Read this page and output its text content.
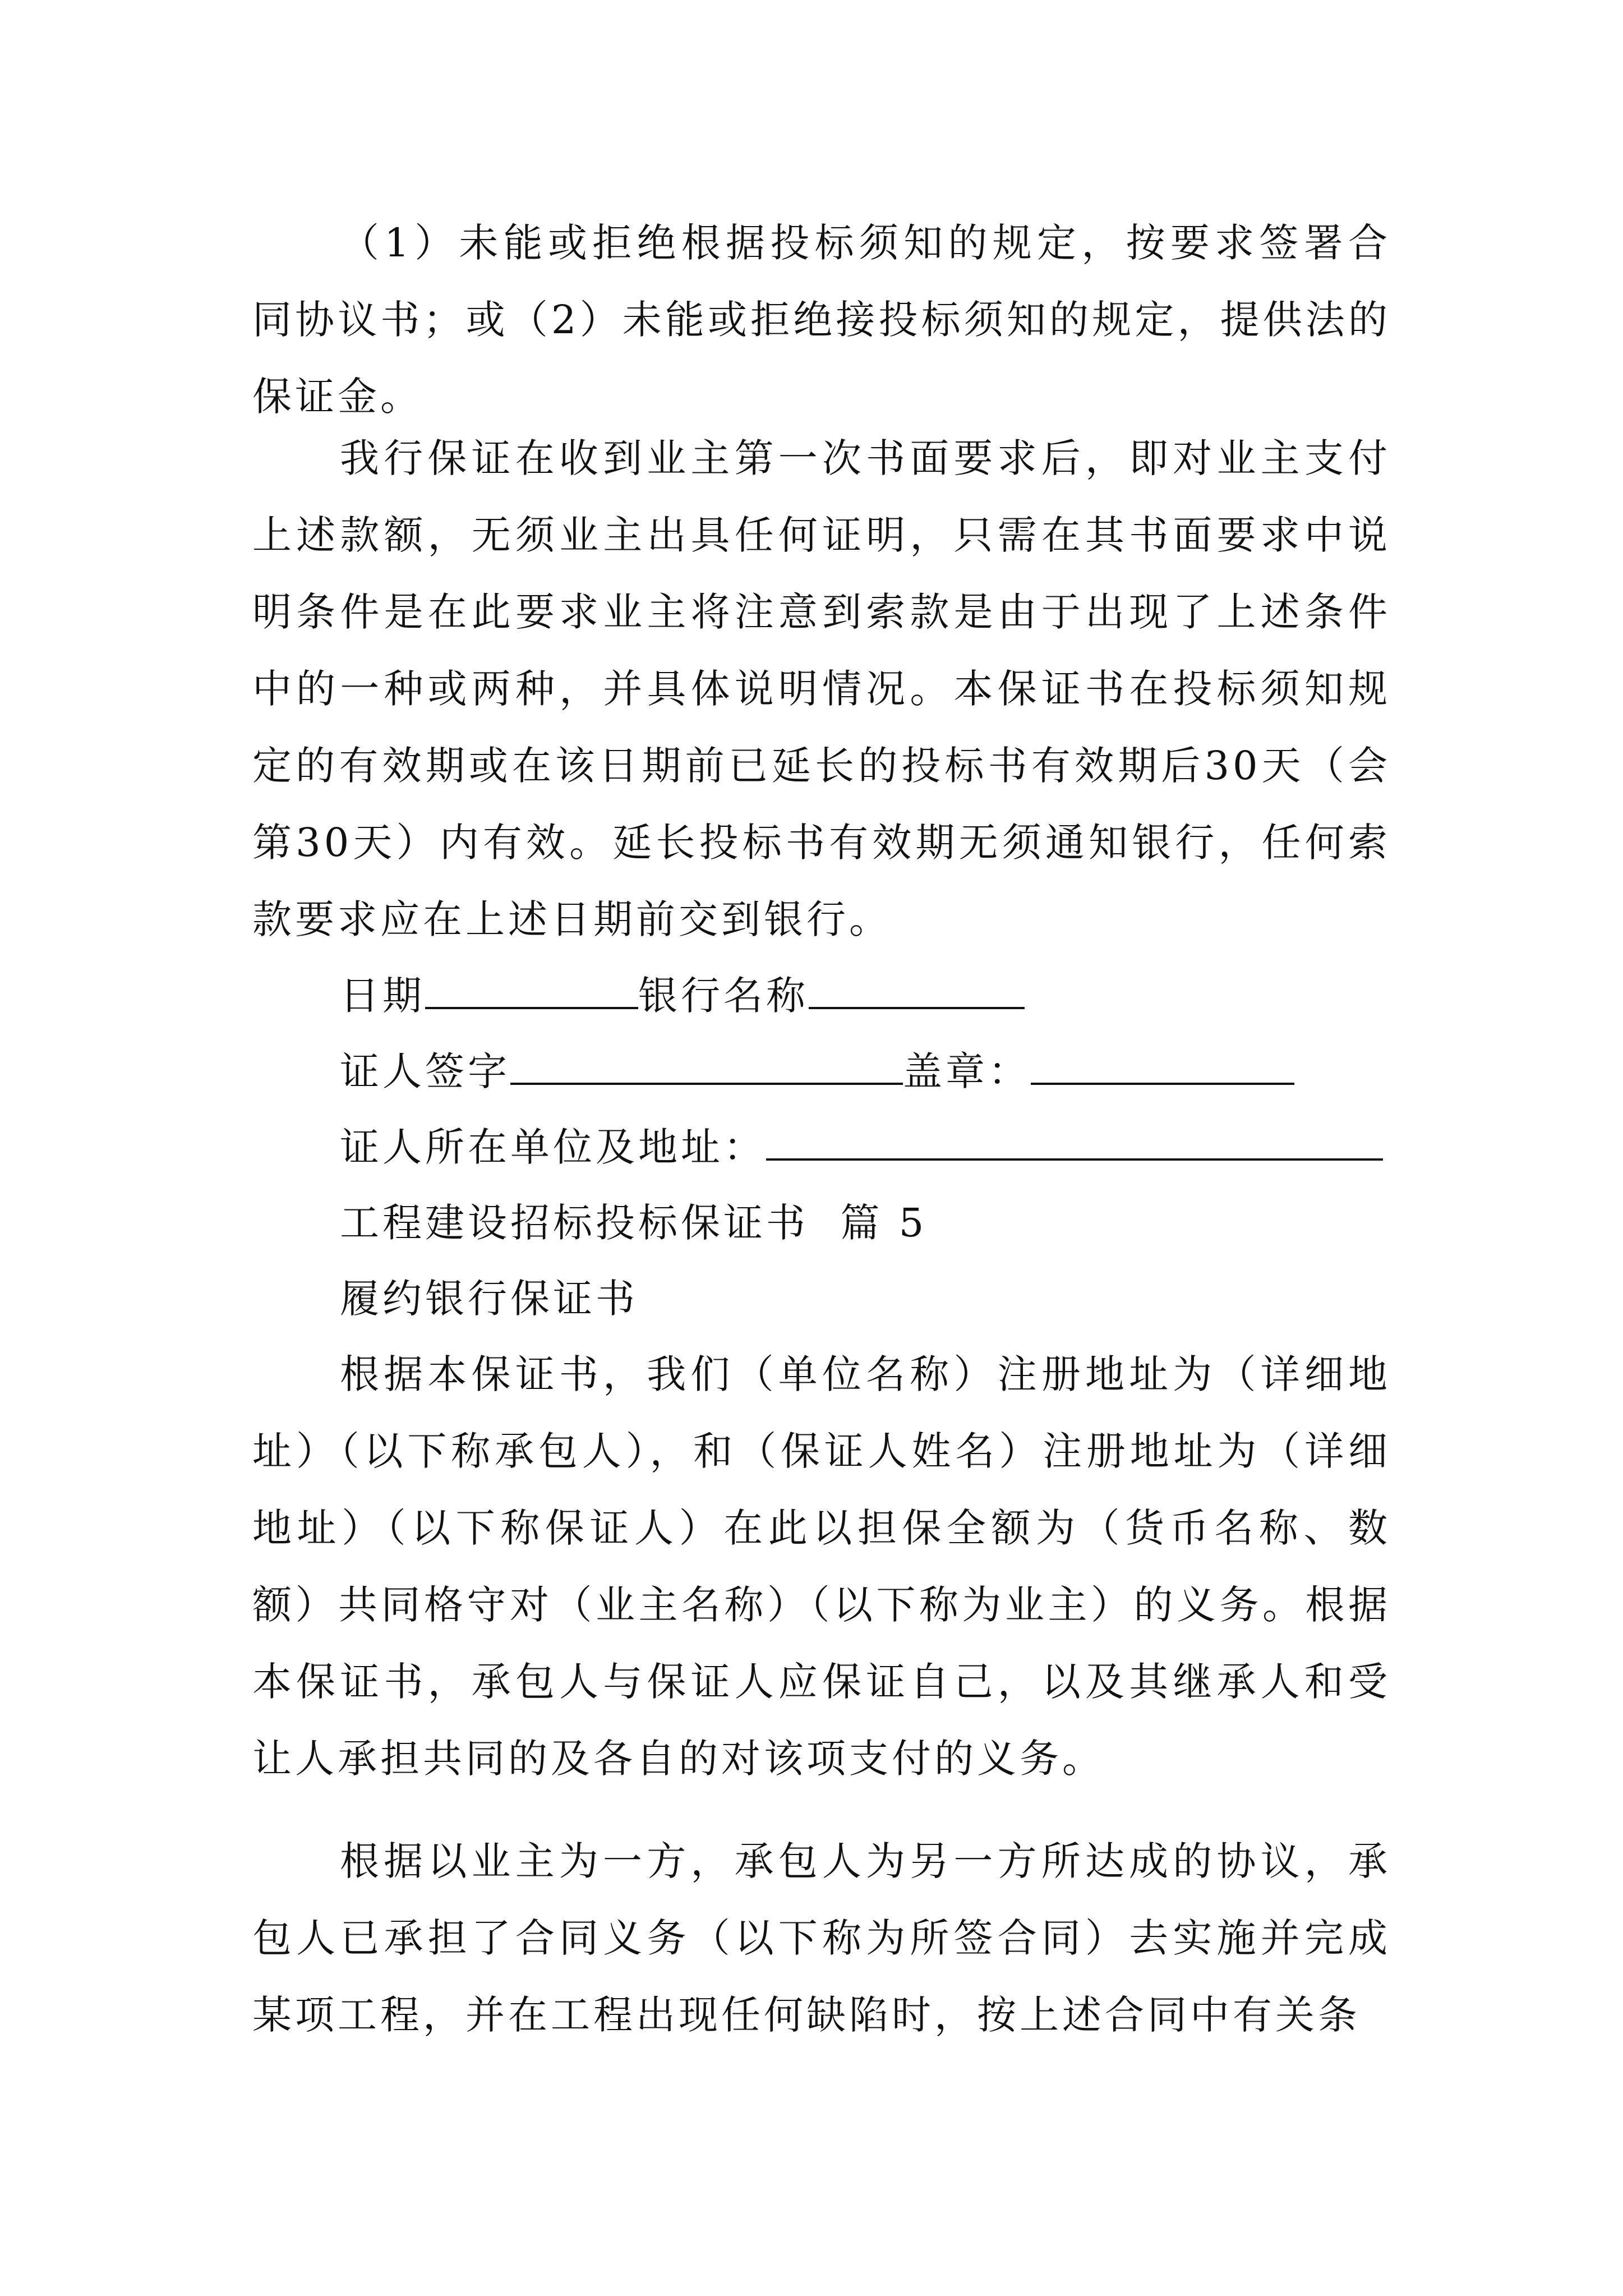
（1）未能或拒绝根据投标须知的规定，按要求签署合同协议书；或（2）未能或拒绝接投标须知的规定，提供法的保证金。

我行保证在收到业主第一次书面要求后，即对业主支付上述款额，无须业主出具任何证明，只需在其书面要求中说明条件是在此要求业主将注意到索款是由于出现了上述条件中的一种或两种，并具体说明情况。本保证书在投标须知规定的有效期或在该日期前已延长的投标书有效期后30天（会第30天）内有效。延长投标书有效期无须通知银行，任何索款要求应在上述日期前交到银行。

日期	银行名称
证人签字	盖章：
证人所在单位及地址：
工程建设招标投标保证书  篇 5
履约银行保证书

根据本保证书，我们（单位名称）注册地址为（详细地址）（以下称承包人），和（保证人姓名）注册地址为（详细地址）（以下称保证人）在此以担保全额为（货币名称、数额）共同格守对（业主名称）（以下称为业主）的义务。根据本保证书，承包人与保证人应保证自己，以及其继承人和受让人承担共同的及各自的对该项支付的义务。

根据以业主为一方，承包人为另一方所达成的协议，承包人已承担了合同义务（以下称为所签合同）去实施并完成某项工程，并在工程出现任何缺陷时，按上述合同中有关条
